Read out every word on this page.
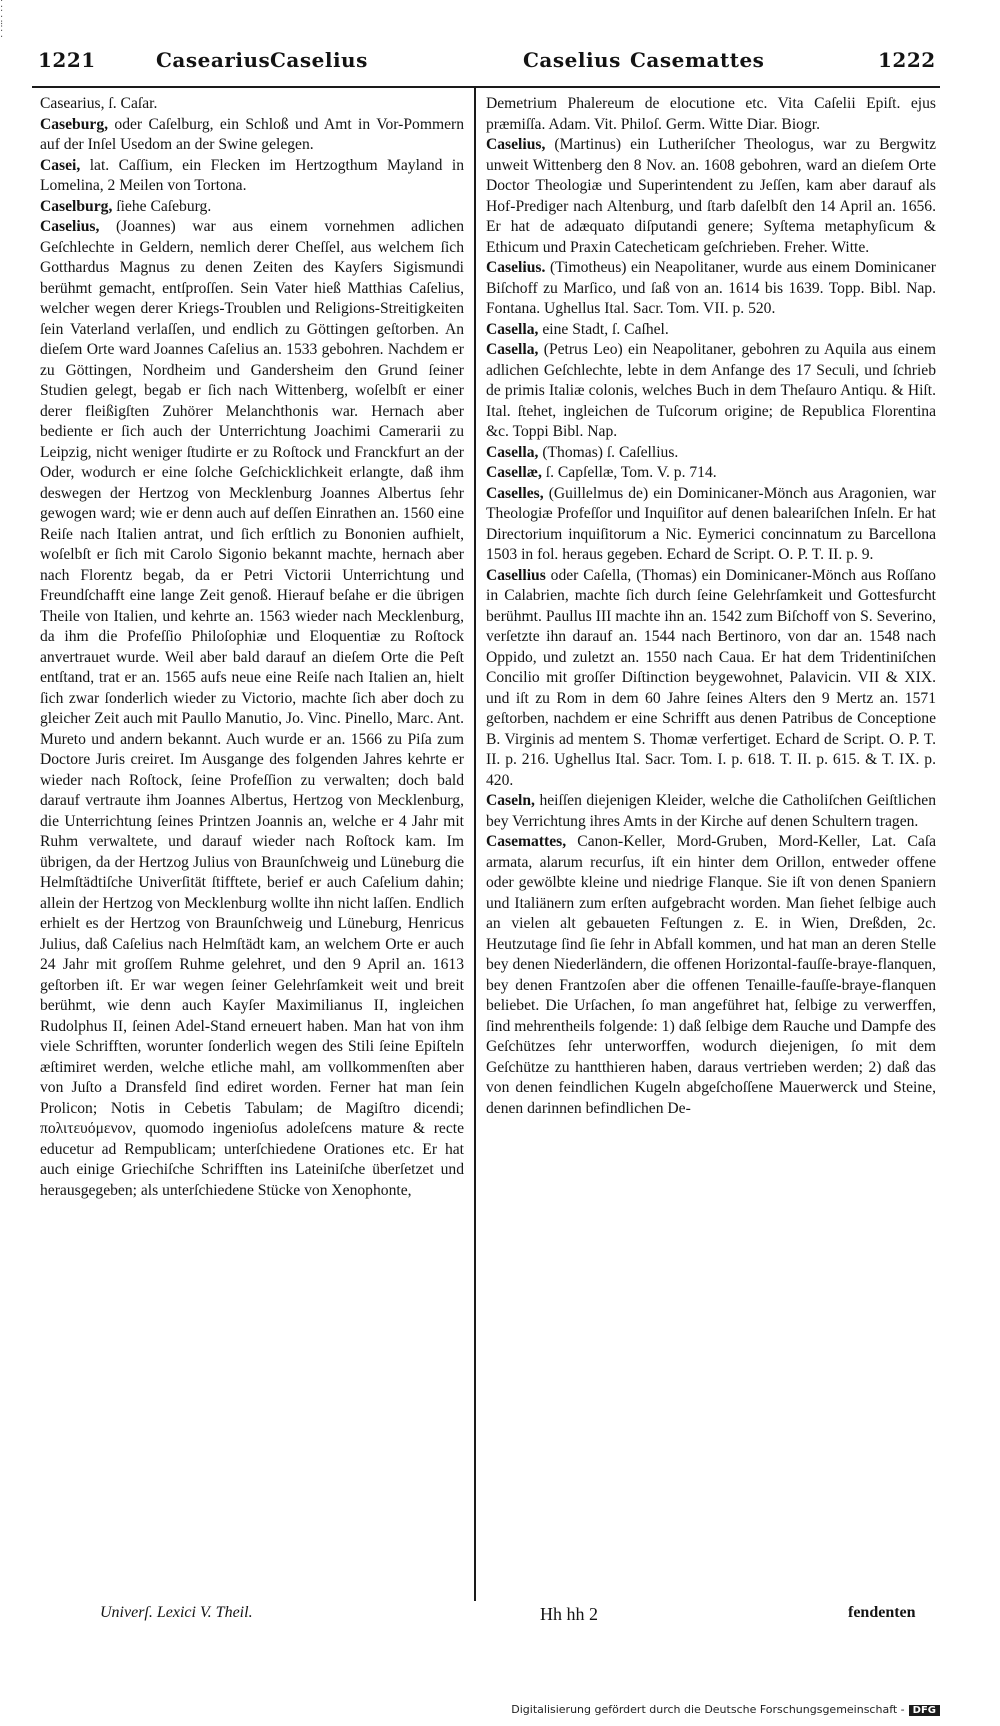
⁚
⁚
⁝
⁚
1221	Casearius Caselius	Caselius Casemattes	1222

Casearius, ſ. Caſar.

Caseburg, oder Caſelburg, ein Schloß und Amt in Vor-Pommern auf der Inſel Usedom an der Swine gelegen.

Casei, lat. Caſſium, ein Flecken im Hertzogthum Mayland in Lomelina, 2 Meilen von Tortona.

Caselburg, ſiehe Caſeburg.

Caselius, (Joannes) war aus einem vornehmen adlichen Geſchlechte in Geldern, nemlich derer Cheſſel, aus welchem ſich Gotthardus Magnus zu denen Zeiten des Kayſers Sigismundi berühmt gemacht, entſproſſen. Sein Vater hieß Matthias Caſelius, welcher wegen derer Kriegs-Troublen und Religions-Streitigkeiten ſein Vaterland verlaſſen, und endlich zu Göttingen geſtorben. An dieſem Orte ward Joannes Caſelius an. 1533 gebohren. Nachdem er zu Göttingen, Nordheim und Gandersheim den Grund ſeiner Studien gelegt, begab er ſich nach Wittenberg, woſelbſt er einer derer fleißigſten Zuhörer Melanchthonis war. Hernach aber bediente er ſich auch der Unterrichtung Joachimi Camerarii zu Leipzig, nicht weniger ſtudirte er zu Roſtock und Franckfurt an der Oder, wodurch er eine ſolche Geſchicklichkeit erlangte, daß ihm deswegen der Hertzog von Mecklenburg Joannes Albertus ſehr gewogen ward; wie er denn auch auf deſſen Einrathen an. 1560 eine Reiſe nach Italien antrat, und ſich erſtlich zu Bononien aufhielt, woſelbſt er ſich mit Carolo Sigonio bekannt machte, hernach aber nach Florentz begab, da er Petri Victorii Unterrichtung und Freundſchafft eine lange Zeit genoß. Hierauf beſahe er die übrigen Theile von Italien, und kehrte an. 1563 wieder nach Mecklenburg, da ihm die Profeſſio Philoſophiæ und Eloquentiæ zu Roſtock anvertrauet wurde. Weil aber bald darauf an dieſem Orte die Peſt entſtand, trat er an. 1565 aufs neue eine Reiſe nach Italien an, hielt ſich zwar ſonderlich wieder zu Victorio, machte ſich aber doch zu gleicher Zeit auch mit Paullo Manutio, Jo. Vinc. Pinello, Marc. Ant. Mureto und andern bekannt. Auch wurde er an. 1566 zu Piſa zum Doctore Juris creiret. Im Ausgange des folgenden Jahres kehrte er wieder nach Roſtock, ſeine Profeſſion zu verwalten; doch bald darauf vertraute ihm Joannes Albertus, Hertzog von Mecklenburg, die Unterrichtung ſeines Printzen Joannis an, welche er 4 Jahr mit Ruhm verwaltete, und darauf wieder nach Roſtock kam. Im übrigen, da der Hertzog Julius von Braunſchweig und Lüneburg die Helmſtädtiſche Univerſität ſtifftete, berief er auch Caſelium dahin; allein der Hertzog von Mecklenburg wollte ihn nicht laſſen. Endlich erhielt es der Hertzog von Braunſchweig und Lüneburg, Henricus Julius, daß Caſelius nach Helmſtädt kam, an welchem Orte er auch 24 Jahr mit groſſem Ruhme gelehret, und den 9 April an. 1613 geſtorben iſt. Er war wegen ſeiner Gelehrſamkeit weit und breit berühmt, wie denn auch Kayſer Maximilianus II, ingleichen Rudolphus II, ſeinen Adel-Stand erneuert haben. Man hat von ihm viele Schrifften, worunter ſonderlich wegen des Stili ſeine Epiſteln æſtimiret werden, welche etliche mahl, am vollkommenſten aber von Juſto a Dransfeld ſind ediret worden. Ferner hat man ſein Prolicon; Notis in Cebetis Tabulam; de Magiſtro dicendi; πολιτευόμενον, quomodo ingenioſus adoleſcens mature & recte educetur ad Rempublicam; unterſchiedene Orationes etc. Er hat auch einige Griechiſche Schrifften ins Lateiniſche überſetzet und herausgegeben; als unterſchiedene Stücke von Xenophonte,

Demetrium Phalereum de elocutione etc. Vita Caſelii Epiſt. ejus præmiſſa. Adam. Vit. Philoſ. Germ. Witte Diar. Biogr.

Caselius, (Martinus) ein Lutheriſcher Theologus, war zu Bergwitz unweit Wittenberg den 8 Nov. an. 1608 gebohren, ward an dieſem Orte Doctor Theologiæ und Superintendent zu Jeſſen, kam aber darauf als Hof-Prediger nach Altenburg, und ſtarb daſelbſt den 14 April an. 1656. Er hat de adæquato diſputandi genere; Syſtema metaphyſicum & Ethicum und Praxin Catecheticam geſchrieben. Freher. Witte.

Caselius. (Timotheus) ein Neapolitaner, wurde aus einem Dominicaner Biſchoff zu Marſico, und ſaß von an. 1614 bis 1639. Topp. Bibl. Nap. Fontana. Ughellus Ital. Sacr. Tom. VII. p. 520.

Casella, eine Stadt, ſ. Caſhel.

Casella, (Petrus Leo) ein Neapolitaner, gebohren zu Aquila aus einem adlichen Geſchlechte, lebte in dem Anfange des 17 Seculi, und ſchrieb de primis Italiæ colonis, welches Buch in dem Theſauro Antiqu. & Hiſt. Ital. ſtehet, ingleichen de Tuſcorum origine; de Republica Florentina &c. Toppi Bibl. Nap.

Casella, (Thomas) ſ. Caſellius.

Casellæ, ſ. Capſellæ, Tom. V. p. 714.

Caselles, (Guillelmus de) ein Dominicaner-Mönch aus Aragonien, war Theologiæ Profeſſor und Inquiſitor auf denen baleariſchen Inſeln. Er hat Directorium inquiſitorum a Nic. Eymerici concinnatum zu Barcellona 1503 in fol. heraus gegeben. Echard de Script. O. P. T. II. p. 9.

Casellius oder Caſella, (Thomas) ein Dominicaner-Mönch aus Roſſano in Calabrien, machte ſich durch ſeine Gelehrſamkeit und Gottesfurcht berühmt. Paullus III machte ihn an. 1542 zum Biſchoff von S. Severino, verſetzte ihn darauf an. 1544 nach Bertinoro, von dar an. 1548 nach Oppido, und zuletzt an. 1550 nach Caua. Er hat dem Tridentiniſchen Concilio mit groſſer Diſtinction beygewohnet, Palavicin. VII & XIX. und iſt zu Rom in dem 60 Jahre ſeines Alters den 9 Mertz an. 1571 geſtorben, nachdem er eine Schrifft aus denen Patribus de Conceptione B. Virginis ad mentem S. Thomæ verfertiget. Echard de Script. O. P. T. II. p. 216. Ughellus Ital. Sacr. Tom. I. p. 618. T. II. p. 615. & T. IX. p. 420.

Caseln, heiſſen diejenigen Kleider, welche die Catholiſchen Geiſtlichen bey Verrichtung ihres Amts in der Kirche auf denen Schultern tragen.

Casemattes, Canon-Keller, Mord-Gruben, Mord-Keller, Lat. Caſa armata, alarum recurſus, iſt ein hinter dem Orillon, entweder offene oder gewölbte kleine und niedrige Flanque. Sie iſt von denen Spaniern und Italiänern zum erſten aufgebracht worden. Man ſiehet ſelbige auch an vielen alt gebaueten Feſtungen z. E. in Wien, Dreßden, 2c. Heutzutage ſind ſie ſehr in Abfall kommen, und hat man an deren Stelle bey denen Niederländern, die offenen Horizontal-fauſſe-braye-flanquen, bey denen Frantzoſen aber die offenen Tenaille-fauſſe-braye-flanquen beliebet. Die Urſachen, ſo man angeführet hat, ſelbige zu verwerffen, ſind mehrentheils folgende: 1) daß ſelbige dem Rauche und Dampfe des Geſchützes ſehr unterworffen, wodurch diejenigen, ſo mit dem Geſchütze zu hantthieren haben, daraus vertrieben werden; 2) daß das von denen feindlichen Kugeln abgeſchoſſene Mauerwerck und Steine, denen darinnen befindlichen De-

Univerſ. Lexici V. Theil.	Hh hh 2	fendenten
Digitalisierung gefördert durch die Deutsche Forschungsgemeinschaft - DFG
